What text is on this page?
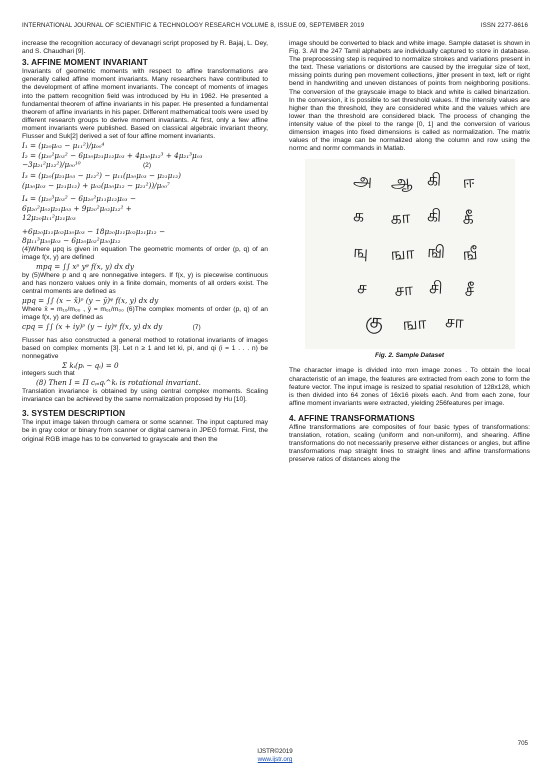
INTERNATIONAL JOURNAL OF SCIENTIFIC & TECHNOLOGY RESEARCH VOLUME 8, ISSUE 09, SEPTEMBER 2019	ISSN 2277-8616

increase the recognition accuracy of devanagri script proposed by R. Bajaj, L. Dey, and S. Chaudhari [9].

3. AFFINE MOMENT INVARIANT

Invariants of geometric moments with respect to affine transformations are generally called affine moment invariants. Many researchers have contributed to the development of affine moment invariants. The concept of moments of images into the pattern recognition field was introduced by Hu in 1962. He presented a fundamental theorem of affine invariants in his paper. He presented a fundamental theorem of affine invariants in his paper. Different mathematical tools were used by different research groups to derive moment invariants. At first, only a few affine moment invariants were published. Based on classical algebraic invariant theory, Flusser and Suk[2] derived a set of four affine moment invariants.

I₁ = (μ₂₀μ₀₂ − μ₁₁²)/μ₀₀⁴
I₂ = (μ₃₀²μ₀₃² − 6μ₃₀μ₂₁μ₁₂μ₀₃ + 4μ₃₀μ₁₂³ + 4μ₂₁³μ₀₃
−3μ₂₁²μ₁₂²)/μ₀₀¹⁰	(2)
I₃ = (μ₂₀(μ₂₁μ₀₃ − μ₁₂²) − μ₁₁(μ₃₀μ₀₃ − μ₂₁μ₁₂)
(μ₃₀μ₀₃ − μ₂₁μ₁₂) + μ₀₂(μ₃₀μ₁₂ − μ₂₁²))/μ₀₀⁷
I₄ = (μ₂₀³μ₀₃² − 6μ₂₀²μ₁₁μ₁₂μ₀₃ −
6μ₂₀²μ₀₂μ₂₁μ₀₃ + 9μ₂₀²μ₀₂μ₁₂² +
12μ₂₀μ₁₁²μ₂₁μ₀₃
+6μ₂₀μ₁₁μ₀₂μ₃₀μ₀₃ − 18μ₂₀μ₁₁μ₀₂μ₂₁μ₁₂ −
8μ₁₁³μ₃₀μ₀₃ − 6μ₂₀μ₀₂²μ₃₀μ₁₂

(4)Where μpq is given in equation The geometric moments of order (p, q) of an image f(x, y) are defined

mpq = ∫∫ xᵖ yᵠ f(x, y) dx dy

by (5)Where p and q are nonnegative integers. If f(x, y) is piecewise continuous and has nonzero values only in a finite domain, moments of all orders exist. The central moments are defined as

μpq = ∫∫ (x − x̄)ᵖ (y − ȳ)ᵠ f(x, y) dx dy

Where x̄ = m₁₀/m₀₀ , ȳ = m₀₁/m₀₀ (6)The complex moments of order (p, q) of an image f(x, y) are defined as

cpq = ∫∫ (x + iy)ᵖ (y − iy)ᵠ f(x, y) dx dy	(7)

Flusser has also constructed a general method to rotational invariants of images based on complex moments [3]. Let n ≥ 1 and let ki, pi, and qi (i = 1 . . . n) be nonnegative

Σ kᵢ(pᵢ − qᵢ) = 0

integers such that

(8) Then I = Π cₚᵢqᵢ^kᵢ is rotational invariant.

Translation invariance is obtained by using central complex moments. Scaling invariance can be achieved by the same normalization proposed by Hu [10].

3. SYSTEM DESCRIPTION

The input image taken through camera or some scanner. The input captured may be in gray color or binary from scanner or digital camera in JPEG format. First, the original RGB image has to be converted to grayscale and then the

image should be converted to black and white image. Sample dataset is shown in Fig. 3. All the 247 Tamil alphabets are individually captured to store in database. The preprocessing step is required to normalize strokes and variations present in the text. These variations or distortions are caused by the irregular size of text, missing points during pen movement collections, jitter present in text, left or right bend in handwriting and uneven distances of points from neighboring positions. The conversion of the grayscale image to black and white is called binarization. In the conversion, it is possible to set threshold values. If the intensity values are higher than the threshold, they are considered white and the values which are lower than the threshold are considered black. The process of changing the intensity value of the pixel to the range [0, 1] and the conversion of various dimension images into fixed dimensions is called as normalization. The matrix values of the image can be normalized along the column and row using the normc and normr commands in Matlab.

அ ஆ கி ஈ
க கா கி கீ
ஙு ஙா ஙி ஙீ
ச சா சி சீ
கு ஙா சா
Fig. 2. Sample Dataset

The character image is divided into mxn image zones . To obtain the local characteristic of an image, the features are extracted from each zone to form the feature vector. The input image is resized to spatial resolution of 128x128, which is then divided into 64 zones of 16x16 pixels each. And from each zone, four affine moment invariants were extracted, yielding 256features per image.

4. AFFINE TRANSFORMATIONS

Affine transformations are composites of four basic types of transformations: translation, rotation, scaling (uniform and non-uniform), and shearing. Affine transformations do not necessarily preserve either distances or angles, but affine transformations map straight lines to straight lines and affine transformations preserve ratios of distances along the

705
IJSTR©2019
www.ijstr.org
